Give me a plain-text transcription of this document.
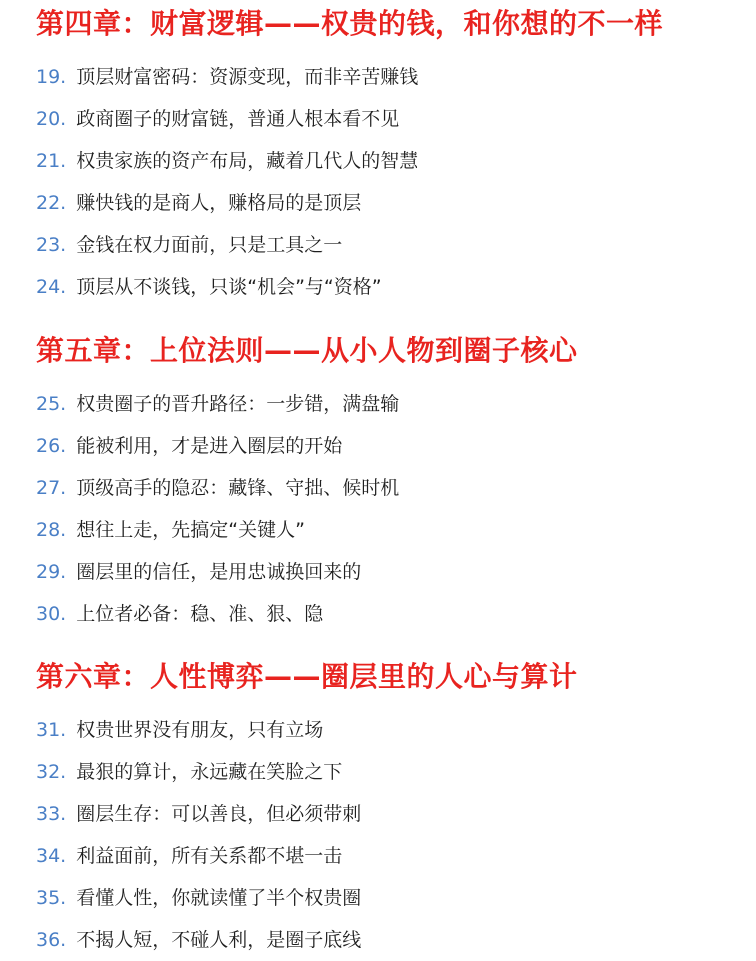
第四章：财富逻辑——权贵的钱，和你想的不一样
19. 顶层财富密码：资源变现，而非辛苦赚钱
20. 政商圈子的财富链，普通人根本看不见
21. 权贵家族的资产布局，藏着几代人的智慧
22. 赚快钱的是商人，赚格局的是顶层
23. 金钱在权力面前，只是工具之一
24. 顶层从不谈钱，只谈“机会”与“资格”
第五章：上位法则——从小人物到圈子核心
25. 权贵圈子的晋升路径：一步错，满盘输
26. 能被利用，才是进入圈层的开始
27. 顶级高手的隐忍：藏锋、守拙、候时机
28. 想往上走，先搞定“关键人”
29. 圈层里的信任，是用忠诚换回来的
30. 上位者必备：稳、准、狠、隐
第六章：人性博弈——圈层里的人心与算计
31. 权贵世界没有朋友，只有立场
32. 最狠的算计，永远藏在笑脸之下
33. 圈层生存：可以善良，但必须带刺
34. 利益面前，所有关系都不堪一击
35. 看懂人性，你就读懂了半个权贵圈
36. 不揭人短，不碰人利，是圈子底线
